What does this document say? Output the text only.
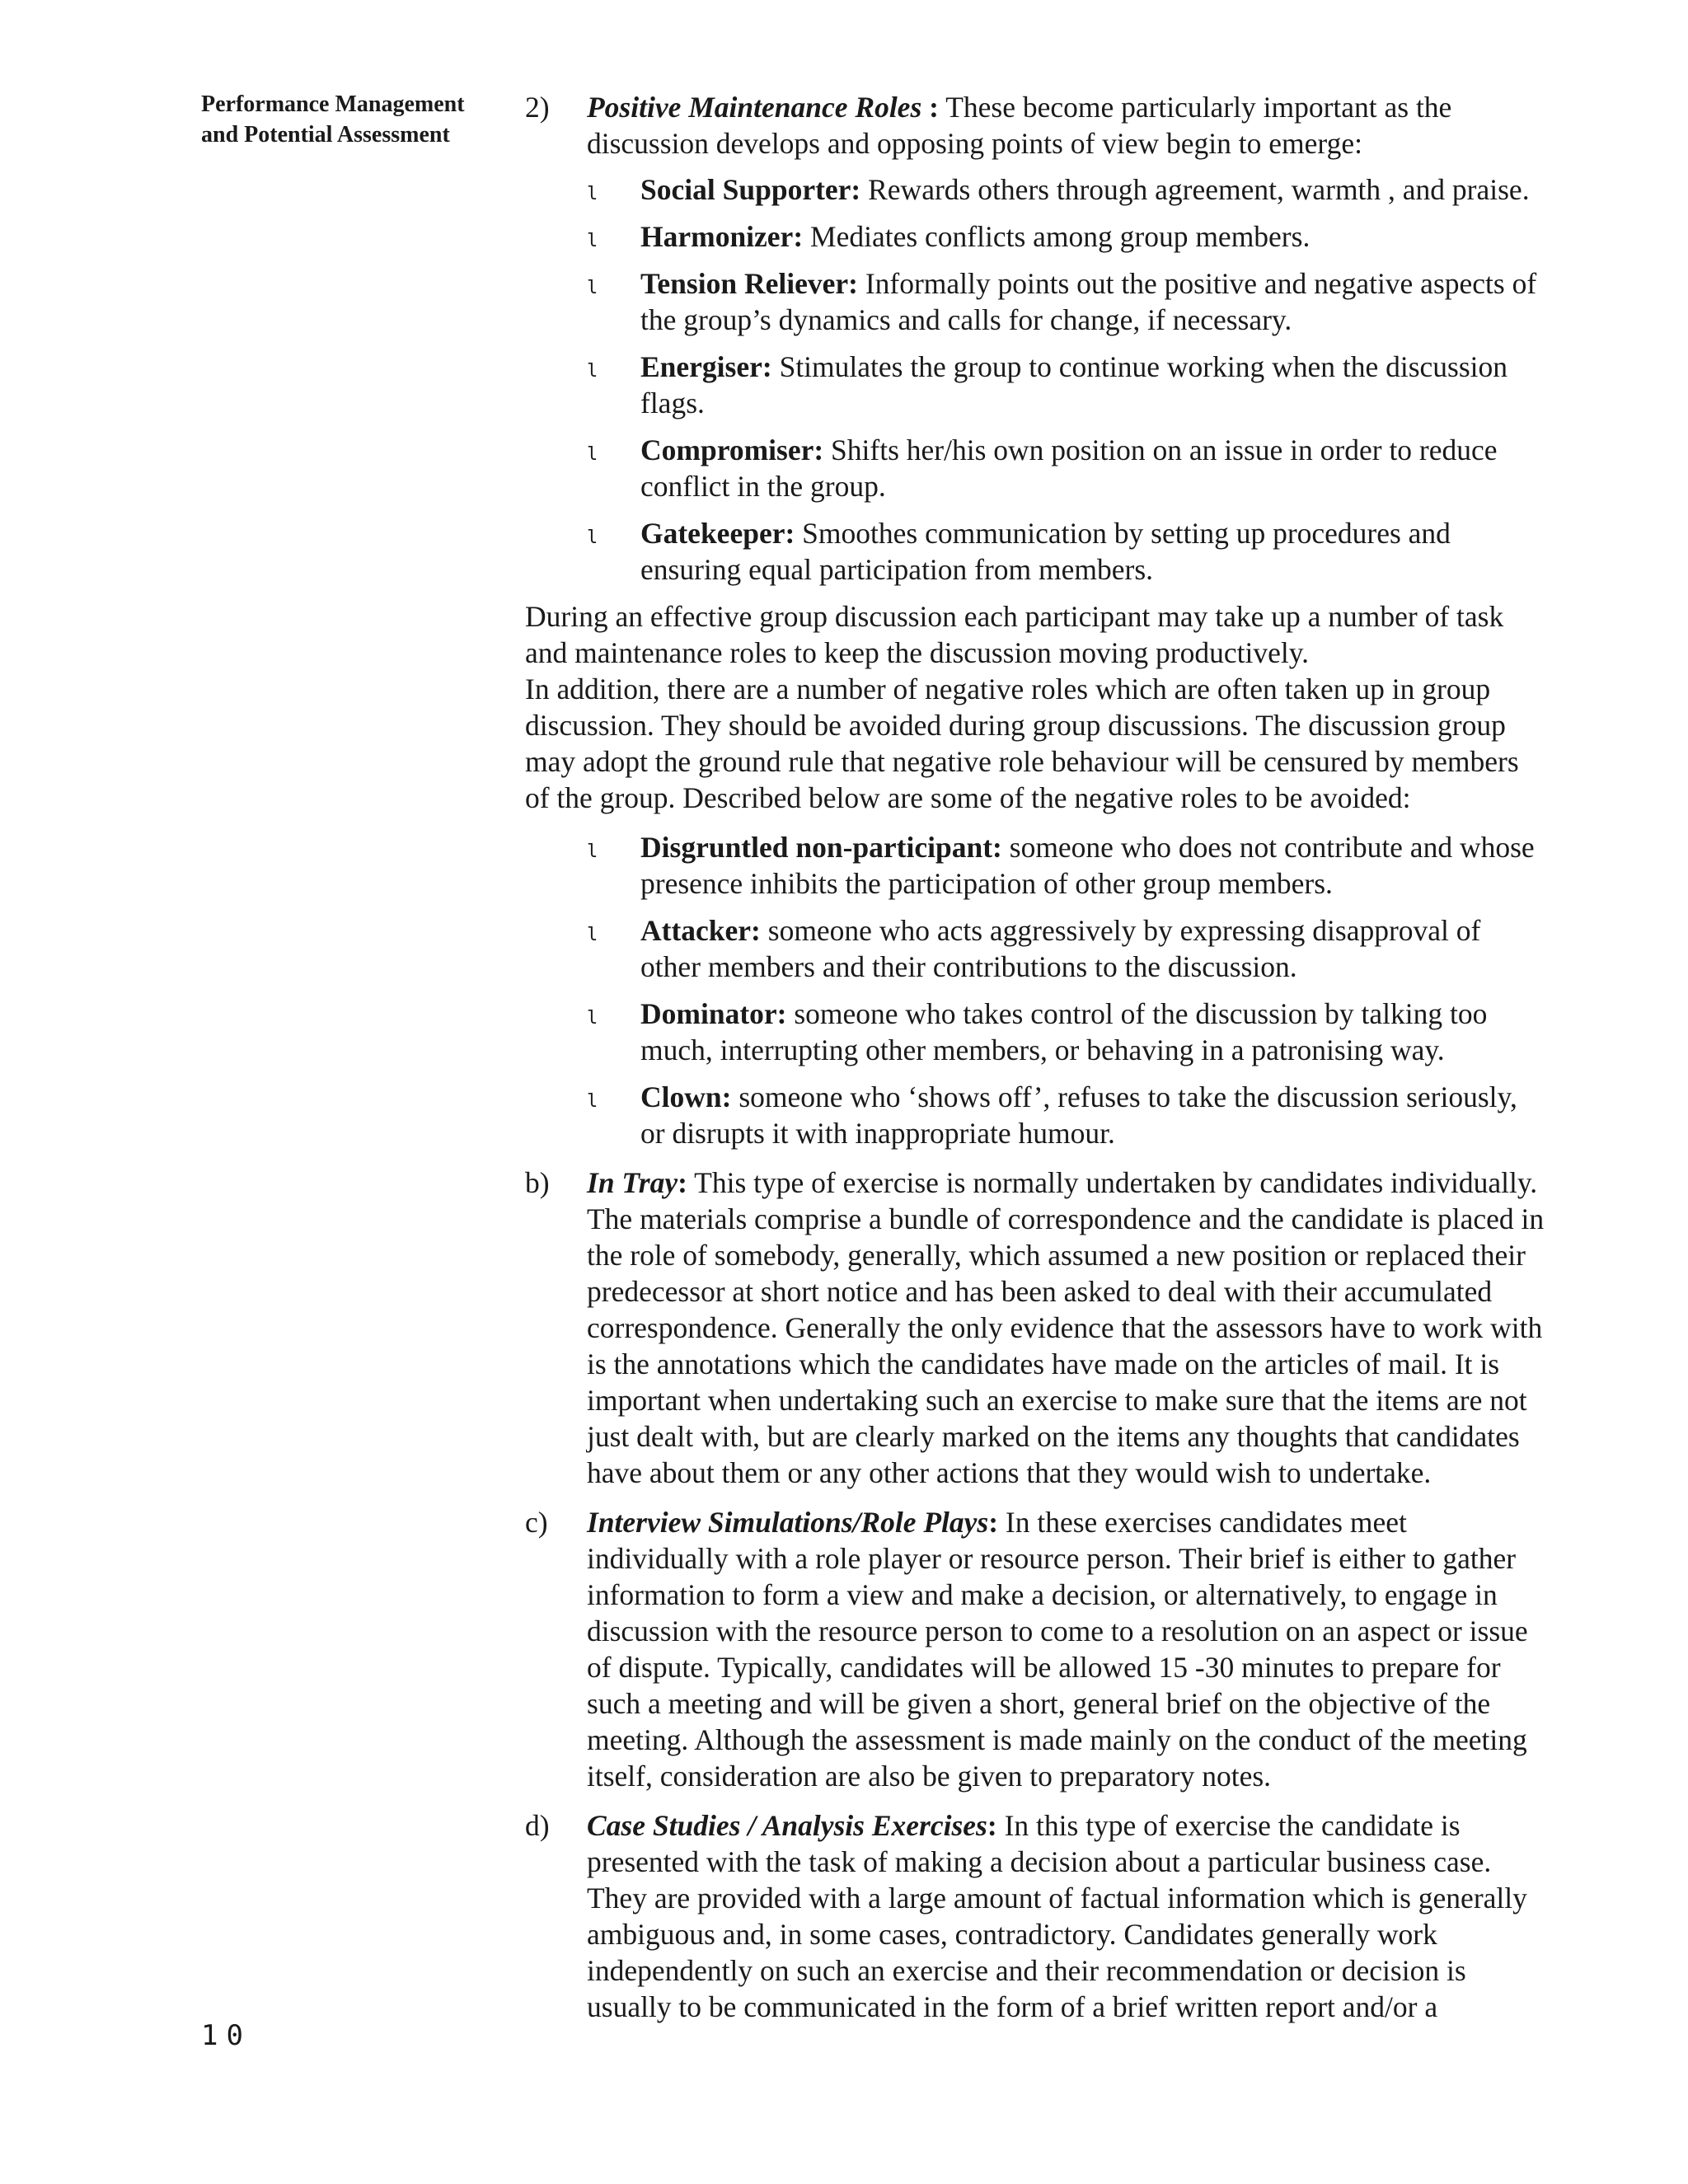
Performance Management
and Potential Assessment
10
2) Positive Maintenance Roles : These become particularly important as the discussion develops and opposing points of view begin to emerge:
l Social Supporter: Rewards others through agreement, warmth , and praise.
l Harmonizer: Mediates conflicts among group members.
l Tension Reliever: Informally points out the positive and negative aspects of the group’s dynamics and calls for change, if necessary.
l Energiser: Stimulates the group to continue working when the discussion flags.
l Compromiser: Shifts her/his own position on an issue in order to reduce conflict in the group.
l Gatekeeper: Smoothes communication by setting up procedures and ensuring equal participation from members.

During an effective group discussion each participant may take up a number of task and maintenance roles to keep the discussion moving productively.

In addition, there are a number of negative roles which are often taken up in group discussion. They should be avoided during group discussions. The discussion group may adopt the ground rule that negative role behaviour will be censured by members of the group. Described below are some of the negative roles to be avoided:

l Disgruntled non-participant: someone who does not contribute and whose presence inhibits the participation of other group members.
l Attacker: someone who acts aggressively by expressing disapproval of other members and their contributions to the discussion.
l Dominator: someone who takes control of the discussion by talking too much, interrupting other members, or behaving in a patronising way.
l Clown: someone who ‘shows off’, refuses to take the discussion seriously, or disrupts it with inappropriate humour.
b) In Tray: This type of exercise is normally undertaken by candidates individually. The materials comprise a bundle of correspondence and the candidate is placed in the role of somebody, generally, which assumed a new position or replaced their predecessor at short notice and has been asked to deal with their accumulated correspondence. Generally the only evidence that the assessors have to work with is the annotations which the candidates have made on the articles of mail. It is important when undertaking such an exercise to make sure that the items are not just dealt with, but are clearly marked on the items any thoughts that candidates have about them or any other actions that they would wish to undertake.
c) Interview Simulations/Role Plays: In these exercises candidates meet individually with a role player or resource person. Their brief is either to gather information to form a view and make a decision, or alternatively, to engage in discussion with the resource person to come to a resolution on an aspect or issue of dispute. Typically, candidates will be allowed 15 -30 minutes to prepare for such a meeting and will be given a short, general brief on the objective of the meeting. Although the assessment is made mainly on the conduct of the meeting itself, consideration are also be given to preparatory notes.
d) Case Studies / Analysis Exercises: In this type of exercise the candidate is presented with the task of making a decision about a particular business case. They are provided with a large amount of factual information which is generally ambiguous and, in some cases, contradictory. Candidates generally work independently on such an exercise and their recommendation or decision is usually to be communicated in the form of a brief written report and/or a
